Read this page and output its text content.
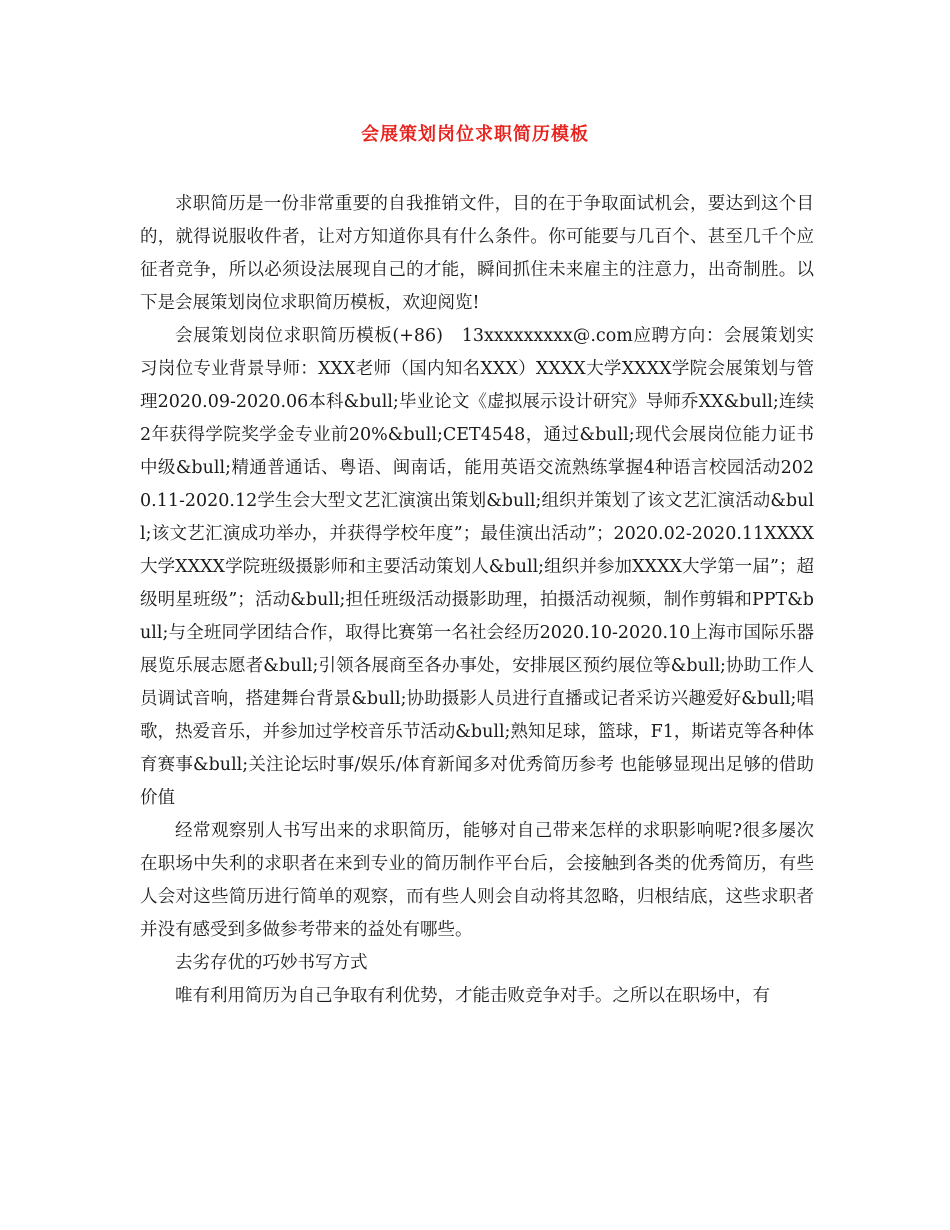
会展策划岗位求职简历模板

求职简历是一份非常重要的自我推销文件，目的在于争取面试机会，要达到这个目的，就得说服收件者，让对方知道你具有什么条件。你可能要与几百个、甚至几千个应征者竞争，所以必须设法展现自己的才能，瞬间抓住未来雇主的注意力，出奇制胜。以下是会展策划岗位求职简历模板，欢迎阅览!

会展策划岗位求职简历模板(+86)　13xxxxxxxxx@.com应聘方向：会展策划实习岗位专业背景导师：XXX老师（国内知名XXX）XXXX大学XXXX学院会展策划与管理2020.09-2020.06本科&bull;毕业论文《虚拟展示设计研究》导师乔XX&bull;连续2年获得学院奖学金专业前20%&bull;CET4548，通过&bull;现代会展岗位能力证书中级&bull;精通普通话、粤语、闽南话，能用英语交流熟练掌握4种语言校园活动2020.11-2020.12学生会大型文艺汇演演出策划&bull;组织并策划了该文艺汇演活动&bull;该文艺汇演成功举办，并获得学校年度”；最佳演出活动”；2020.02-2020.11XXXX大学XXXX学院班级摄影师和主要活动策划人&bull;组织并参加XXXX大学第一届”；超级明星班级”；活动&bull;担任班级活动摄影助理，拍摄活动视频，制作剪辑和PPT&bull;与全班同学团结合作，取得比赛第一名社会经历2020.10-2020.10上海市国际乐器展览乐展志愿者&bull;引领各展商至各办事处，安排展区预约展位等&bull;协助工作人员调试音响，搭建舞台背景&bull;协助摄影人员进行直播或记者采访兴趣爱好&bull;唱歌，热爱音乐，并参加过学校音乐节活动&bull;熟知足球，篮球，F1，斯诺克等各种体育赛事&bull;关注论坛时事/娱乐/体育新闻多对优秀简历参考 也能够显现出足够的借助价值

经常观察别人书写出来的求职简历，能够对自己带来怎样的求职影响呢?很多屡次在职场中失利的求职者在来到专业的简历制作平台后，会接触到各类的优秀简历，有些人会对这些简历进行简单的观察，而有些人则会自动将其忽略，归根结底，这些求职者并没有感受到多做参考带来的益处有哪些。

去劣存优的巧妙书写方式

唯有利用简历为自己争取有利优势，才能击败竞争对手。之所以在职场中，有
